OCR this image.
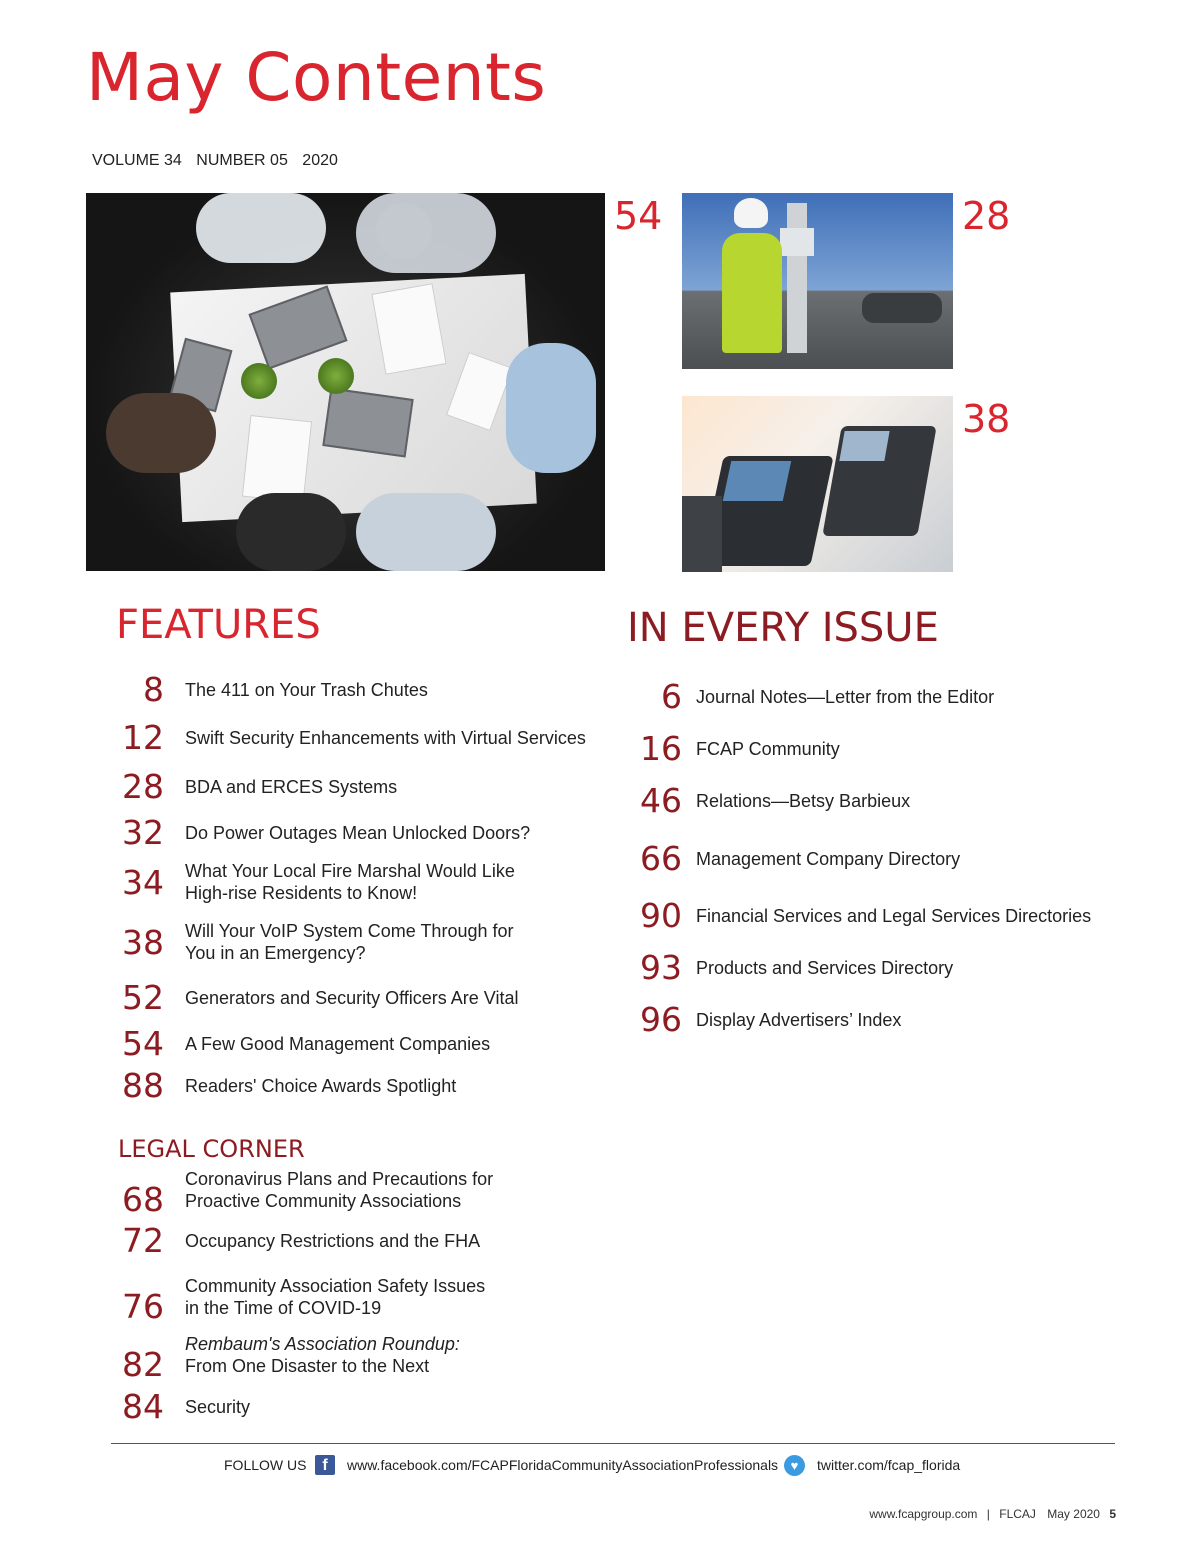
May Contents
VOLUME 34 NUMBER 05 2020
54	28
38
FEATURES
8 The 411 on Your Trash Chutes
12 Swift Security Enhancements with Virtual Services
28 BDA and ERCES Systems
32 Do Power Outages Mean Unlocked Doors?
34 What Your Local Fire Marshal Would Like
High-rise Residents to Know!
38 Will Your VoIP System Come Through for
You in an Emergency?
52 Generators and Security Officers Are Vital
54 A Few Good Management Companies
88 Readers' Choice Awards Spotlight
LEGAL CORNER
68
Coronavirus Plans and Precautions for
Proactive Community Associations
72 Occupancy Restrictions and the FHA
76
Community Association Safety Issues
in the Time of COVID-19
82
Rembaum's Association Roundup:
From One Disaster to the Next
84 Security
IN EVERY ISSUE
6 Journal Notes—Letter from the Editor
16 FCAP Community
46 Relations—Betsy Barbieux
66 Management Company Directory
90 Financial Services and Legal Services Directories
93 Products and Services Directory
96 Display Advertisers’ Index
FOLLOW US f	www.facebook.com/FCAPFloridaCommunityAssociationProfessionals ♥	twitter.com/fcap_florida
www.fcapgroup.com | FLCAJ May 2020 5
